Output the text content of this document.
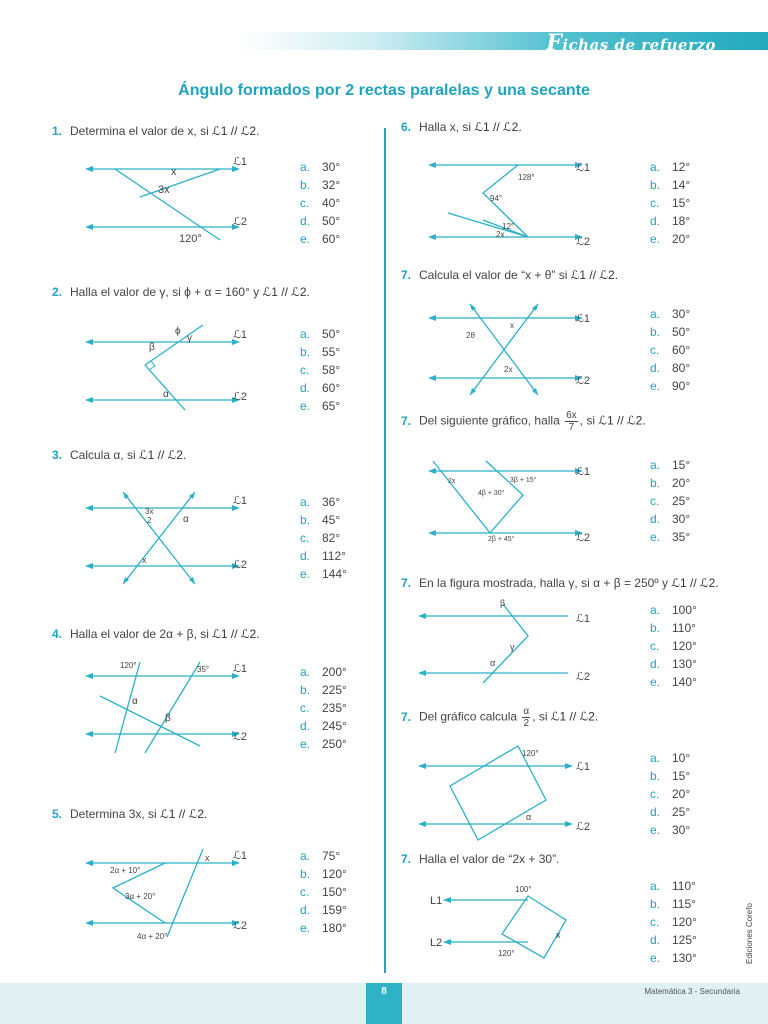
Fichas de refuerzo
Ángulo formados por 2 rectas paralelas y una secante
1. Determina el valor de x, si ℒ1 // ℒ2.
x
3x
120°
ℒ1
ℒ2
a. 30°
b. 32°
c. 40°
d. 50°
e. 60°
2. Halla el valor de γ, si ϕ + α = 160° y ℒ1 // ℒ2.
ϕ
γ
β
α
ℒ1
ℒ2
a. 50°
b. 55°
c. 58°
d. 60°
e. 65°
3. Calcula α, si ℒ1 // ℒ2.
3x
2	α
x
ℒ1
ℒ2
a. 36°
b. 45°
c. 82°
d. 112°
e. 144°
4. Halla el valor de 2α + β, si ℒ1 // ℒ2.
120°	35°
α
β
ℒ1
ℒ2
a. 200°
b. 225°
c. 235°
d. 245°
e. 250°
5. Determina 3x, si ℒ1 // ℒ2.
x
2α + 10°
3α + 20°
4α + 20°
ℒ1
ℒ2
a. 75°
b. 120°
c. 150°
d. 159°
e. 180°
6. Halla x, si ℒ1 // ℒ2.
128°
94°
12°
2x
ℒ1
ℒ2
a. 12°
b. 14°
c. 15°
d. 18°
e. 20°
7. Calcula el valor de “x + θ” si ℒ1 // ℒ2.
2θ
x
2x
ℒ1
ℒ2
a. 30°
b. 50°
c. 60°
d. 80°
e. 90°
7. Del siguiente gráfico, halla $\frac{6x}{7}$ , si ℒ1 // ℒ2.
2x	3β + 15°
4β + 30°
2β + 45°
ℒ1
ℒ2
a. 15°
b. 20°
c. 25°
d. 30°
e. 35°
7. En la figura mostrada, halla γ, si α + β = 250º y ℒ1 // ℒ2.
β
γ
α
ℒ1
ℒ2
a. 100°
b. 110°
c. 120°
d. 130°
e. 140°
7. Del gráfico calcula $\frac{\alpha}{2}$ , si ℒ1 // ℒ2.
120°
α
ℒ1
ℒ2
a. 10°
b. 15°
c. 20°
d. 25°
e. 30°
7. Halla el valor de “2x + 30”.
L1
L2
100°
120°
x
a. 110°
b. 115°
c. 120°
d. 125°
e. 130°	Ediciones Corefo
8	Matemática 3 - Secundaria
